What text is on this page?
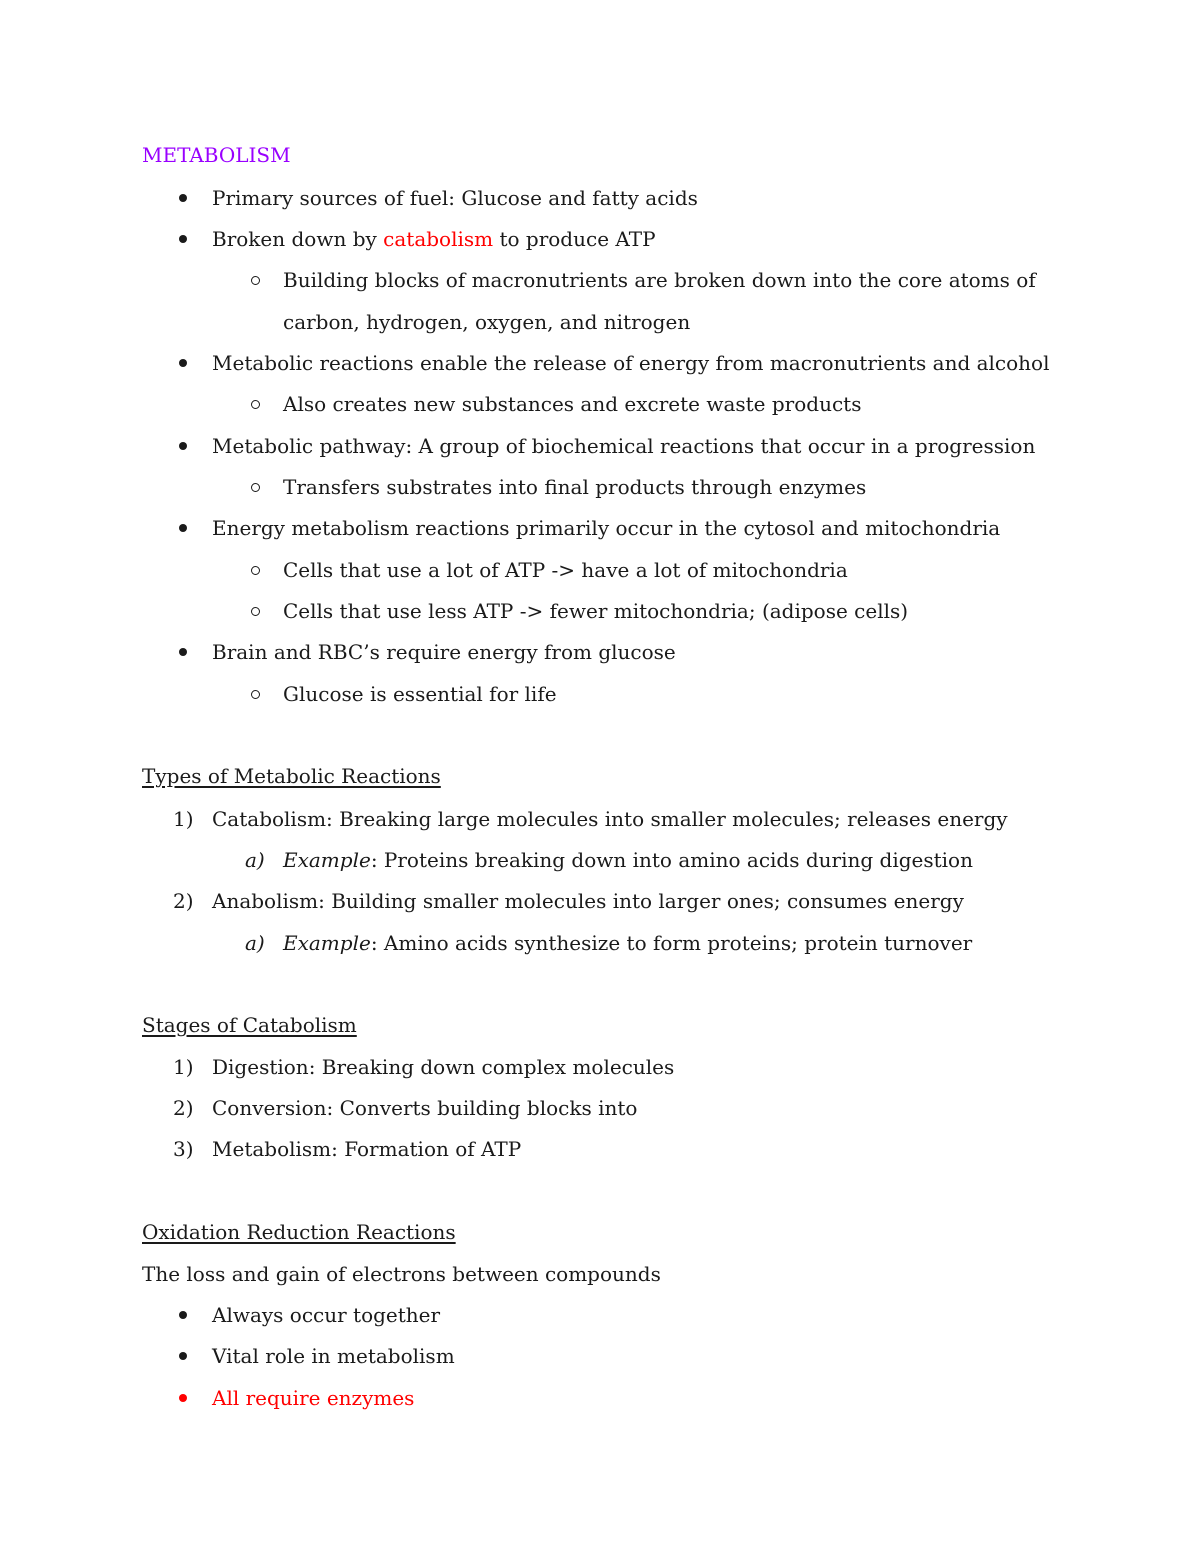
METABOLISM
Primary sources of fuel: Glucose and fatty acids
Broken down by catabolism to produce ATP
Building blocks of macronutrients are broken down into the core atoms of
carbon, hydrogen, oxygen, and nitrogen
Metabolic reactions enable the release of energy from macronutrients and alcohol
Also creates new substances and excrete waste products
Metabolic pathway: A group of biochemical reactions that occur in a progression
Transfers substrates into final products through enzymes
Energy metabolism reactions primarily occur in the cytosol and mitochondria
Cells that use a lot of ATP -> have a lot of mitochondria
Cells that use less ATP -> fewer mitochondria; (adipose cells)
Brain and RBC’s require energy from glucose
Glucose is essential for life
Types of Metabolic Reactions
1) Catabolism: Breaking large molecules into smaller molecules; releases energy
a) Example: Proteins breaking down into amino acids during digestion
2) Anabolism: Building smaller molecules into larger ones; consumes energy
a) Example: Amino acids synthesize to form proteins; protein turnover
Stages of Catabolism
1) Digestion: Breaking down complex molecules
2) Conversion: Converts building blocks into
3) Metabolism: Formation of ATP
Oxidation Reduction Reactions
The loss and gain of electrons between compounds
Always occur together
Vital role in metabolism
All require enzymes
